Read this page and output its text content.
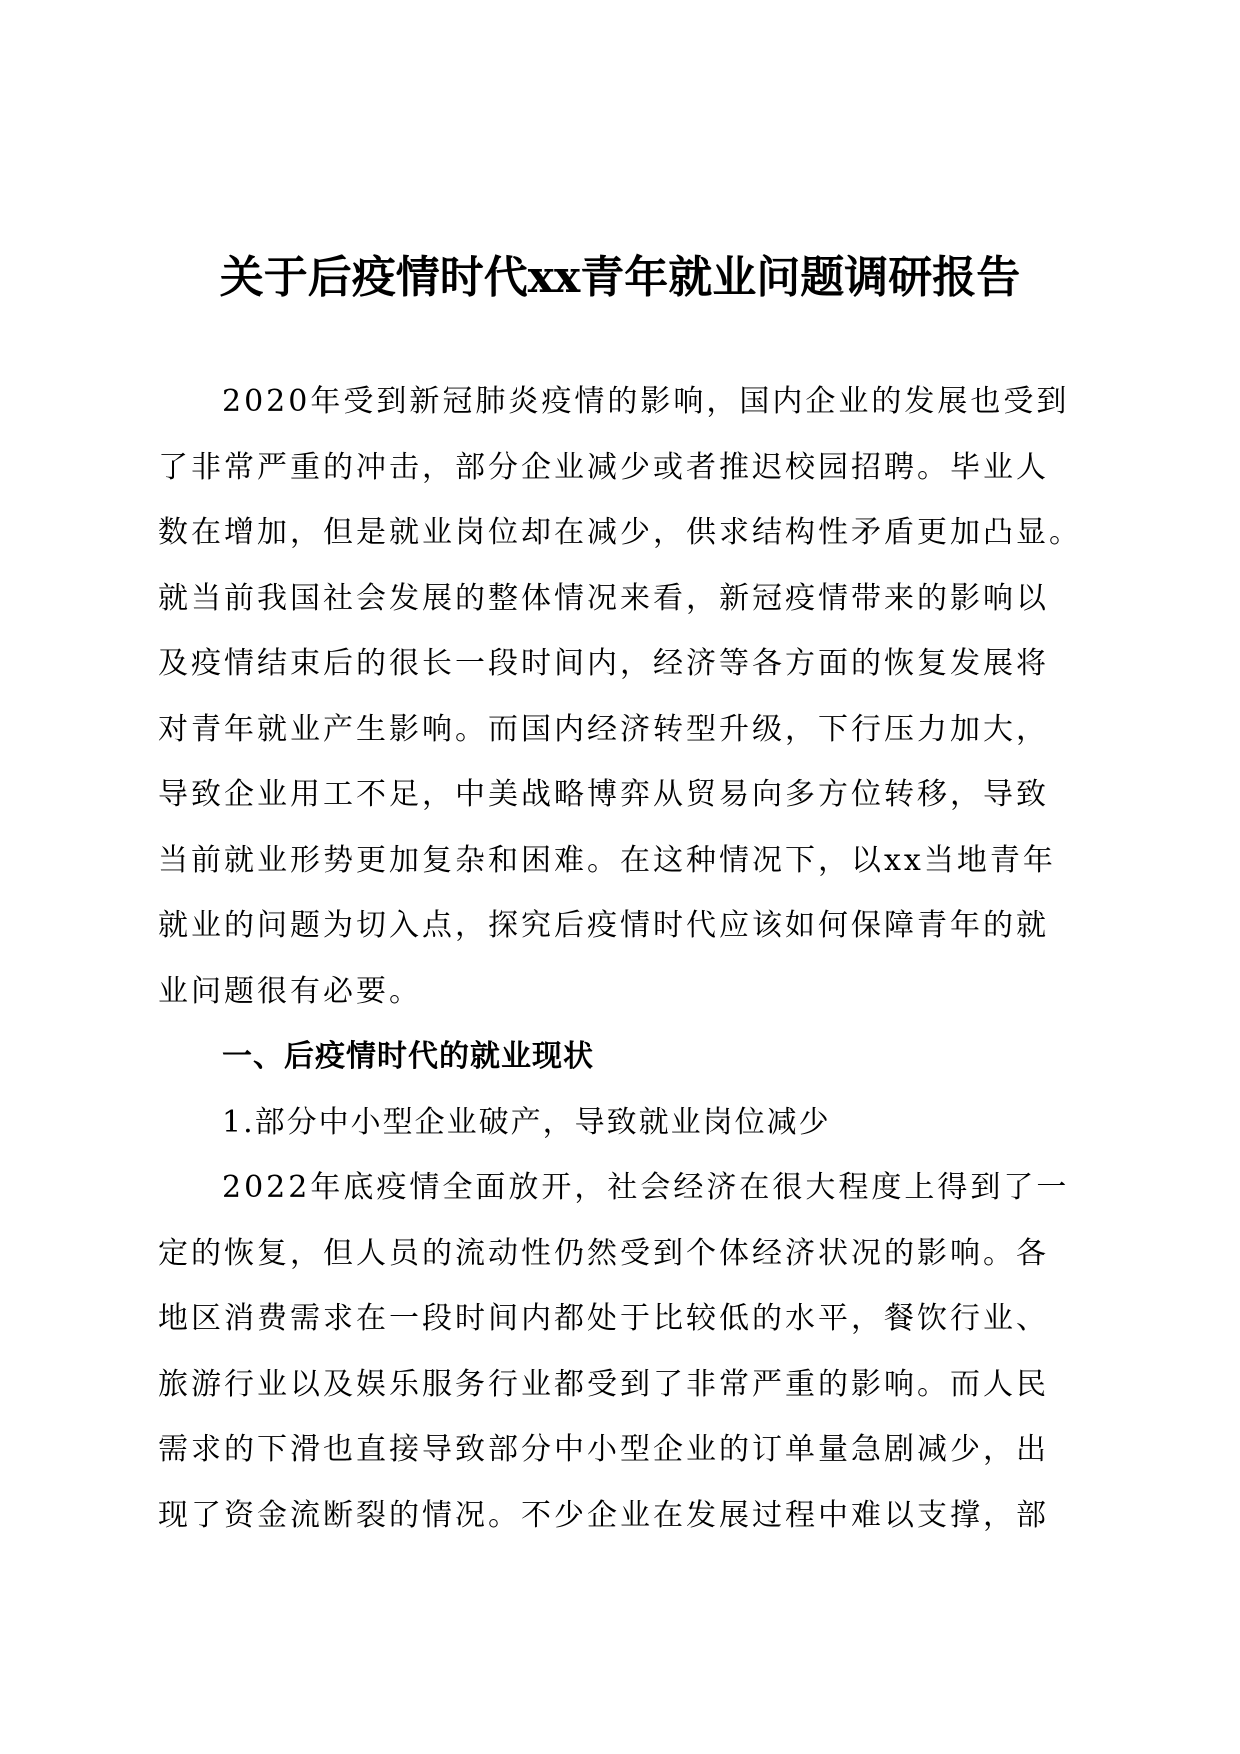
关于后疫情时代xx青年就业问题调研报告
2020年受到新冠肺炎疫情的影响，国内企业的发展也受到
了非常严重的冲击，部分企业减少或者推迟校园招聘。毕业人
数在增加，但是就业岗位却在减少，供求结构性矛盾更加凸显。
就当前我国社会发展的整体情况来看，新冠疫情带来的影响以
及疫情结束后的很长一段时间内，经济等各方面的恢复发展将
对青年就业产生影响。而国内经济转型升级，下行压力加大，
导致企业用工不足，中美战略博弈从贸易向多方位转移，导致
当前就业形势更加复杂和困难。在这种情况下，以xx当地青年
就业的问题为切入点，探究后疫情时代应该如何保障青年的就
业问题很有必要。
一、后疫情时代的就业现状
1.部分中小型企业破产，导致就业岗位减少
2022年底疫情全面放开，社会经济在很大程度上得到了一
定的恢复，但人员的流动性仍然受到个体经济状况的影响。各
地区消费需求在一段时间内都处于比较低的水平，餐饮行业、
旅游行业以及娱乐服务行业都受到了非常严重的影响。而人民
需求的下滑也直接导致部分中小型企业的订单量急剧减少，出
现了资金流断裂的情况。不少企业在发展过程中难以支撑，部
